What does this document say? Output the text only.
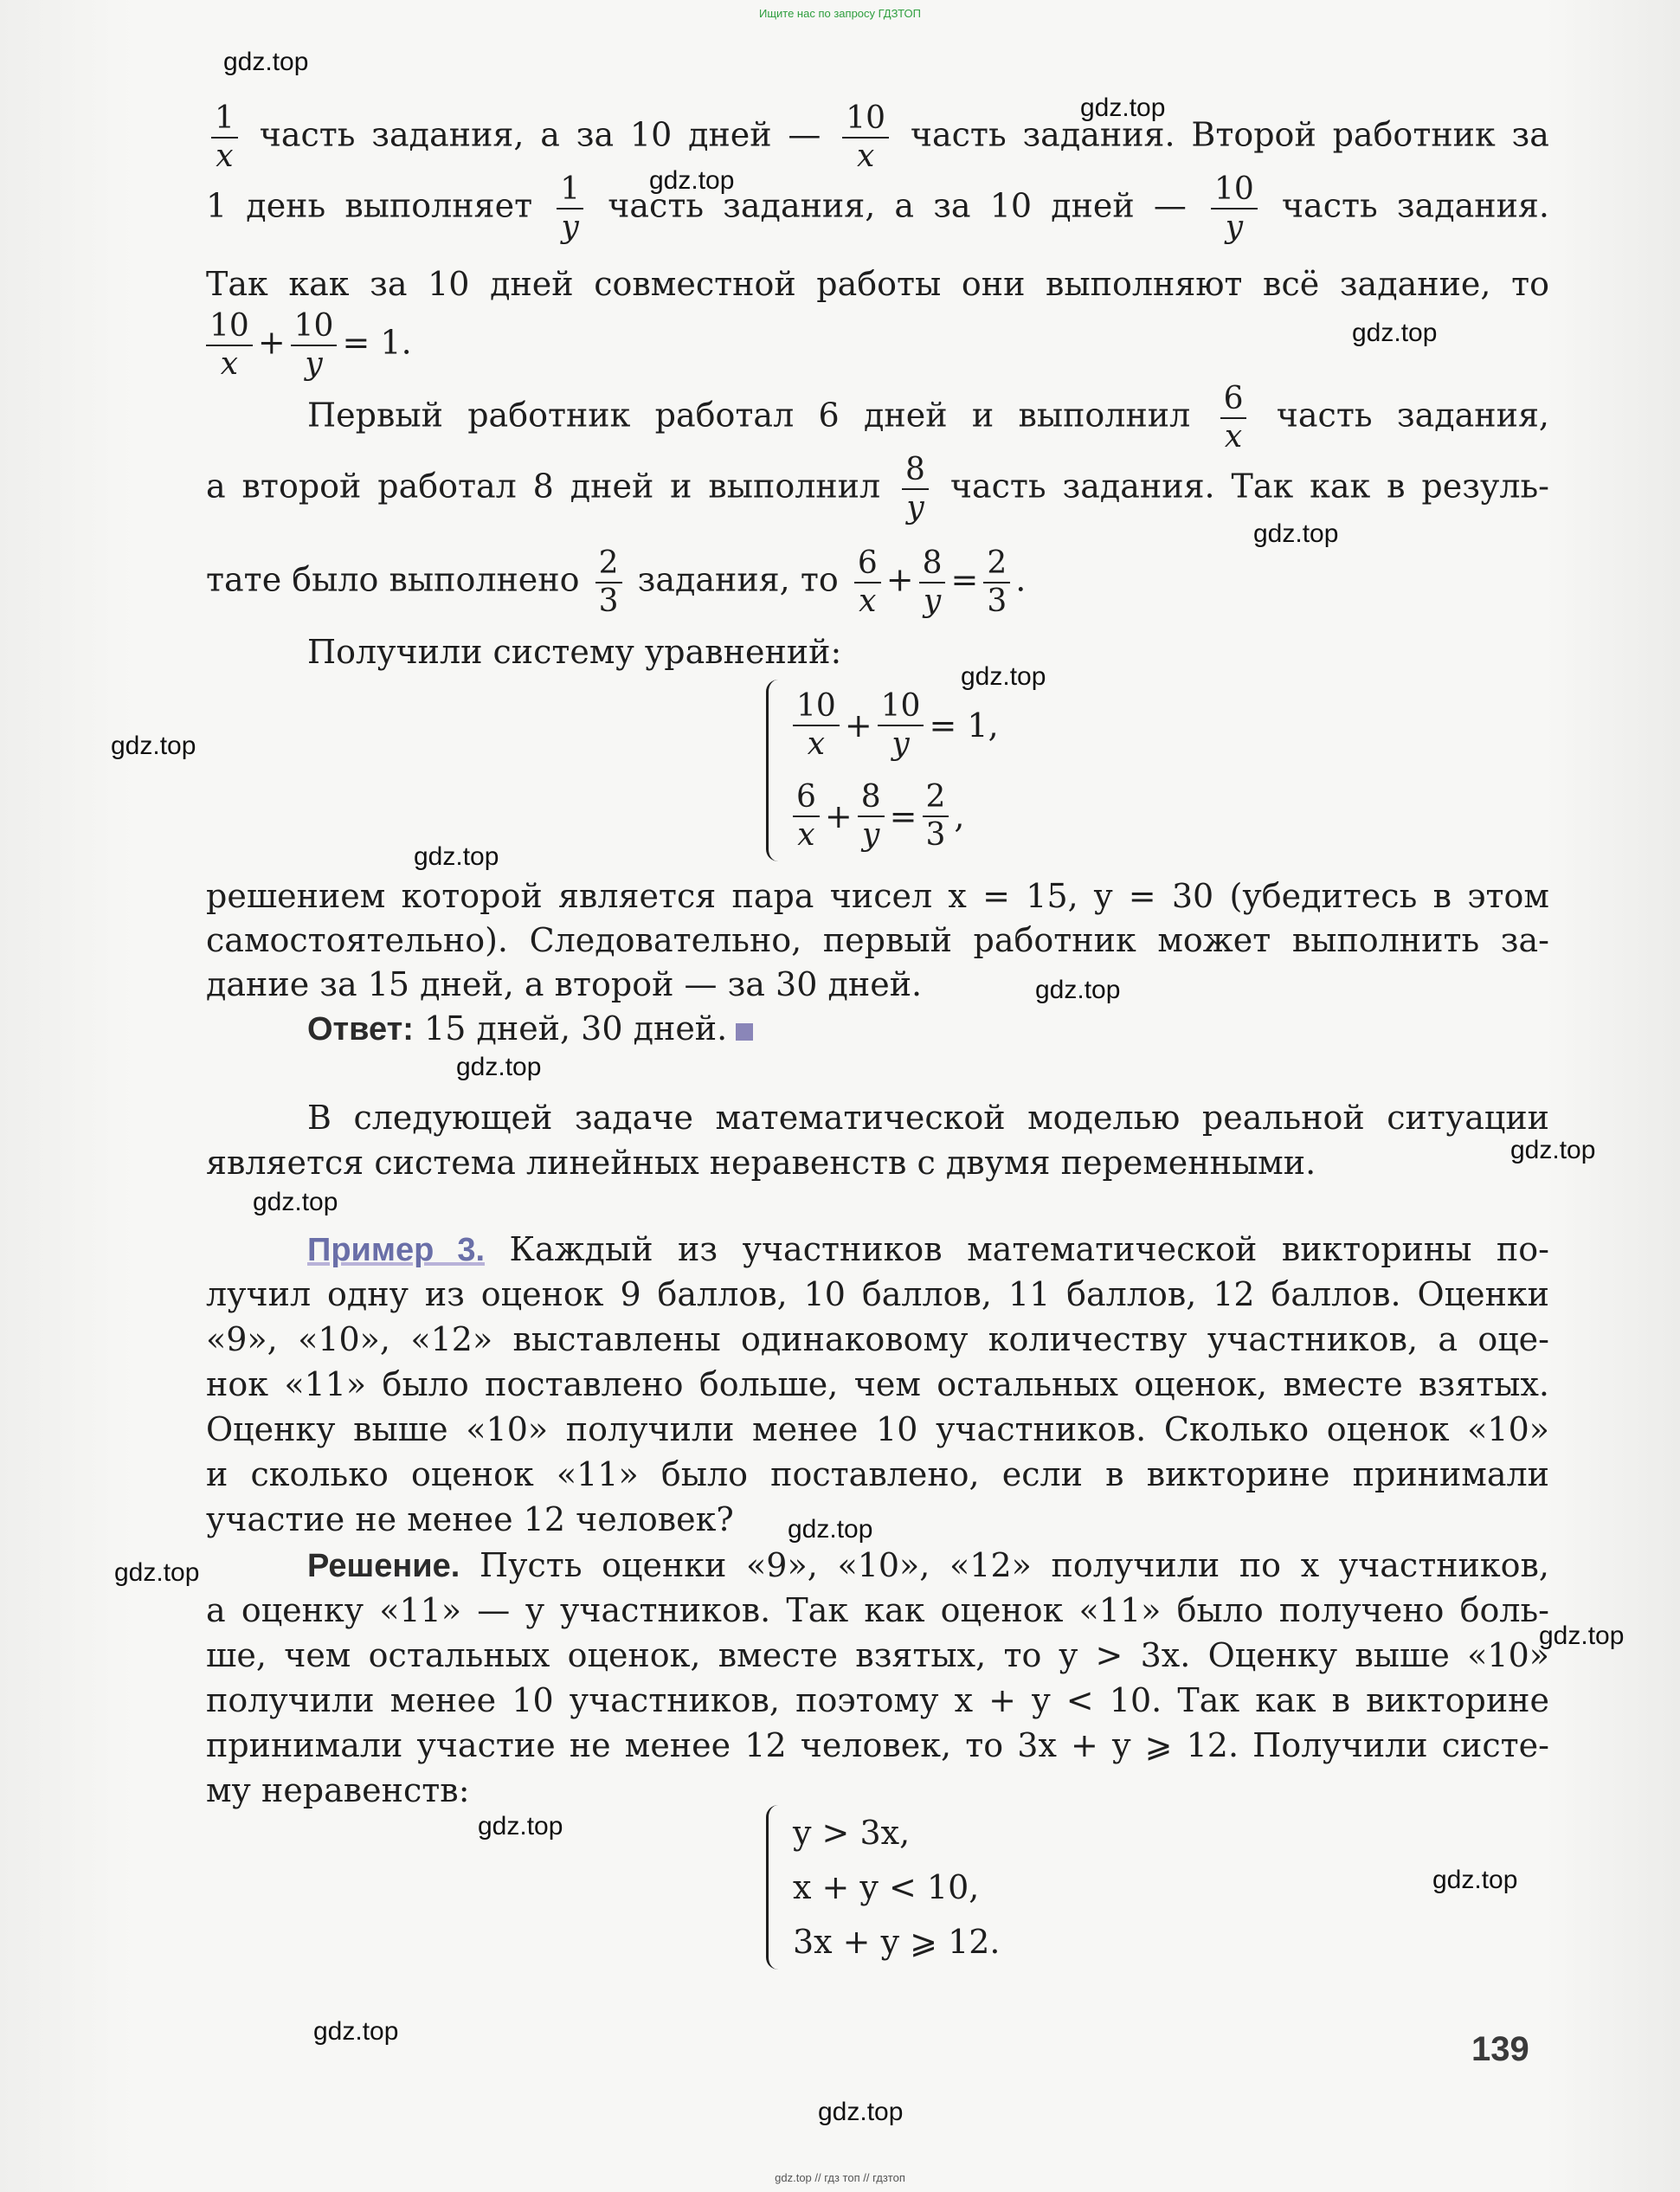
Ищите нас по запросу ГДЗТОП
$\frac{1}{x}$ часть задания, а за 10 дней — $\frac{10}{x}$ часть задания. Второй работник за
1 день выполняет $\frac{1}{y}$ часть задания, а за 10 дней — $\frac{10}{y}$ часть задания.
Так как за 10 дней совместной работы они выполняют всё задание, то
$\frac{10}{x} + \frac{10}{y} = 1$.
Первый работник работал 6 дней и выполнил $\frac{6}{x}$ часть задания,
а второй работал 8 дней и выполнил $\frac{8}{y}$ часть задания. Так как в резуль-
тате было выполнено $\frac{2}{3}$ задания, то $\frac{6}{x} + \frac{8}{y} = \frac{2}{3}$ .
Получили систему уравнений:
$\frac{10}{x} + \frac{10}{y} = 1$,
$\frac{6}{x} + \frac{8}{y} = \frac{2}{3}$ ,
решением которой является пара чисел x = 15, y = 30 (убедитесь в этом
самостоятельно). Следовательно, первый работник может выполнить за-
дание за 15 дней, а второй — за 30 дней.
Ответ: 15 дней, 30 дней.
В следующей задаче математической моделью реальной ситуации
является система линейных неравенств с двумя переменными.
Пример 3. Каждый из участников математической викторины по-
лучил одну из оценок 9 баллов, 10 баллов, 11 баллов, 12 баллов. Оценки
«9», «10», «12» выставлены одинаковому количеству участников, а оце-
нок «11» было поставлено больше, чем остальных оценок, вместе взятых.
Оценку выше «10» получили менее 10 участников. Сколько оценок «10»
и сколько оценок «11» было поставлено, если в викторине принимали
участие не менее 12 человек?
Решение. Пусть оценки «9», «10», «12» получили по x участников,
а оценку «11» — y участников. Так как оценок «11» было получено боль-
ше, чем остальных оценок, вместе взятых, то y > 3x. Оценку выше «10»
получили менее 10 участников, поэтому x + y < 10. Так как в викторине
принимали участие не менее 12 человек, то 3x + y ⩾ 12. Получили систе-
му неравенств:
y > 3x,
x + y < 10,
3x + y ⩾ 12.
139
gdz.top
gdz.top
gdz.top
gdz.top
gdz.top
gdz.top
gdz.top
gdz.top
gdz.top
gdz.top
gdz.top
gdz.top
gdz.top
gdz.top
gdz.top
gdz.top
gdz.top
gdz.top
gdz.top
gdz.top // гдз топ // гдзтоп
